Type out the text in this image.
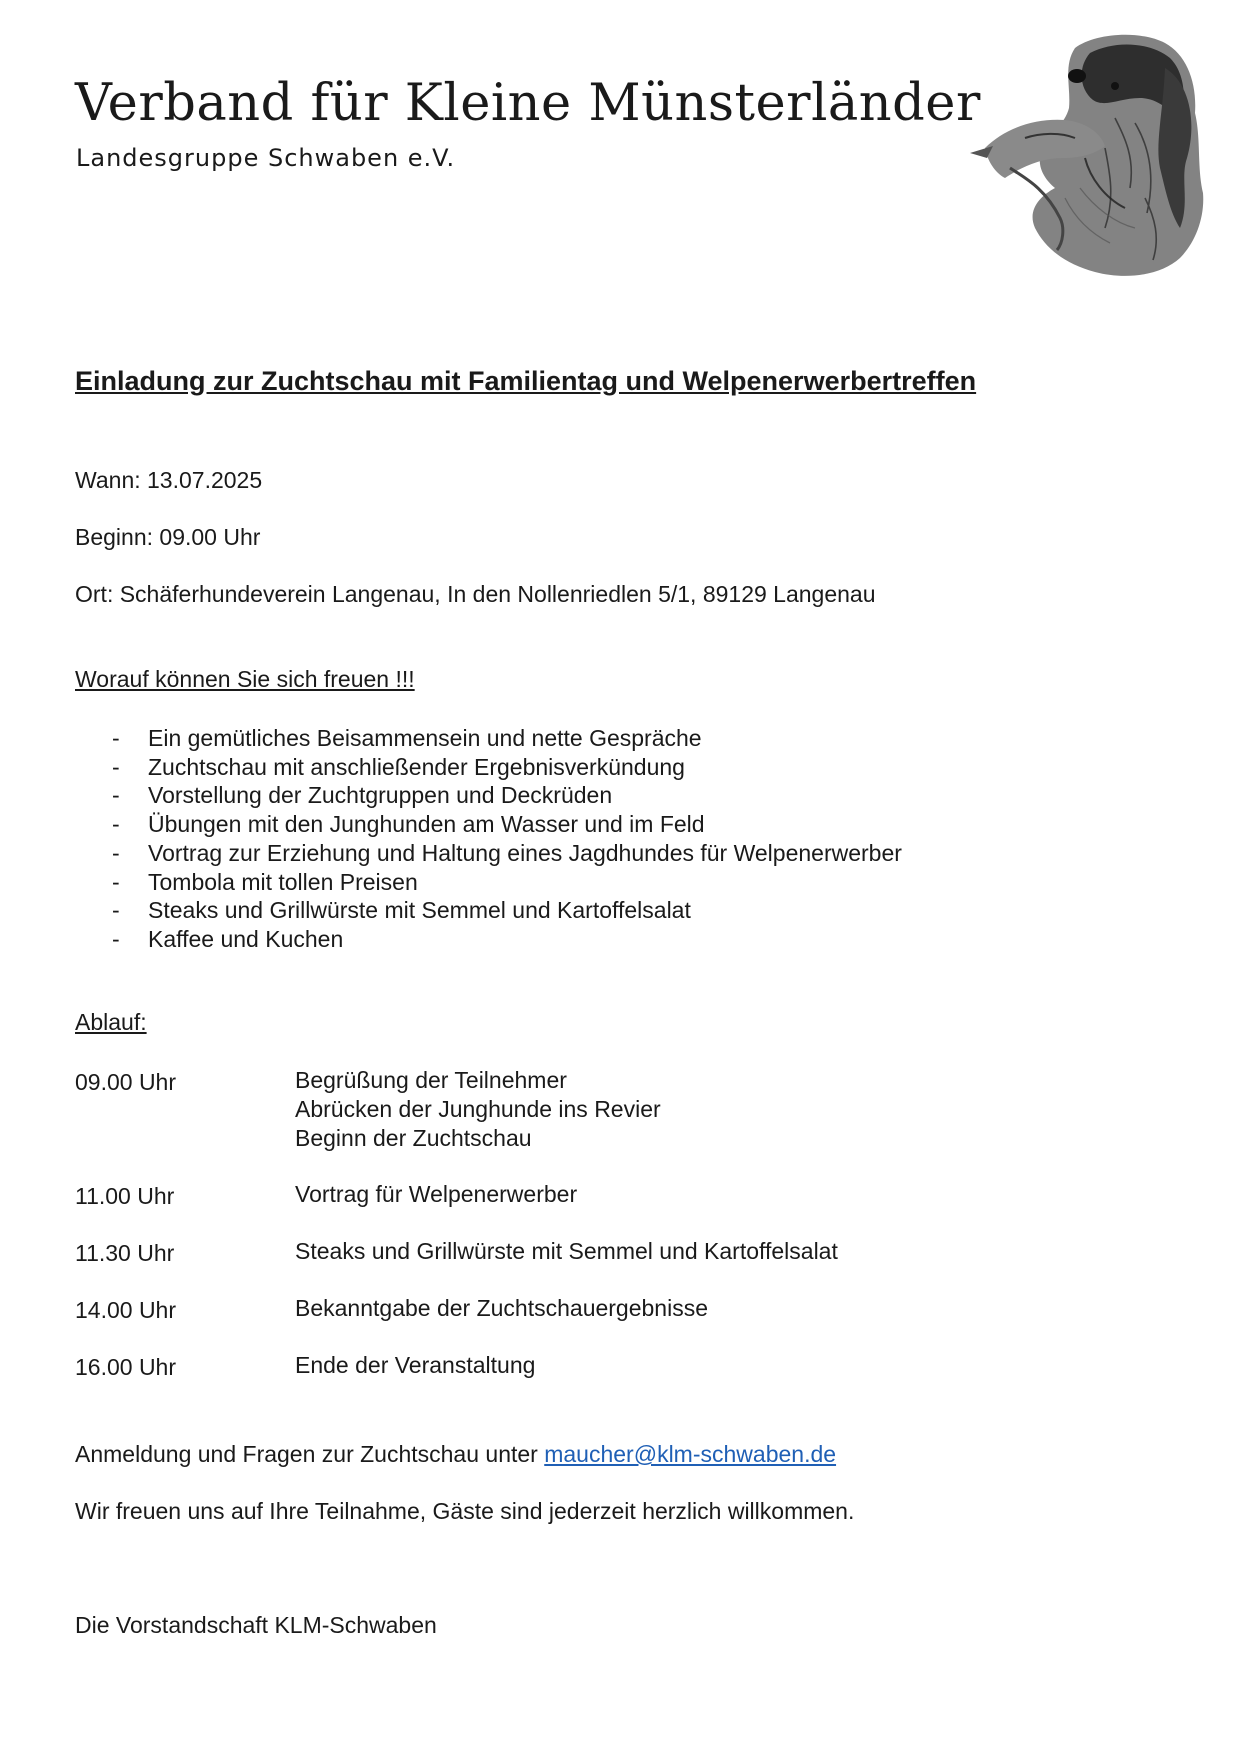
Verband für Kleine Münsterländer
Landesgruppe Schwaben e.V.
Einladung zur Zuchtschau mit Familientag und Welpenerwerbertreffen
Wann: 13.07.2025
Beginn: 09.00 Uhr
Ort: Schäferhundeverein Langenau, In den Nollenriedlen 5/1, 89129 Langenau
Worauf können Sie sich freuen !!!
- Ein gemütliches Beisammensein und nette Gespräche
- Zuchtschau mit anschließender Ergebnisverkündung
- Vorstellung der Zuchtgruppen und Deckrüden
- Übungen mit den Junghunden am Wasser und im Feld
- Vortrag zur Erziehung und Haltung eines Jagdhundes für Welpenerwerber
- Tombola mit tollen Preisen
- Steaks und Grillwürste mit Semmel und Kartoffelsalat
- Kaffee und Kuchen
Ablauf:
09.00 Uhr	Begrüßung der Teilnehmer
Abrücken der Junghunde ins Revier
Beginn der Zuchtschau
11.00 Uhr	Vortrag für Welpenerwerber
11.30 Uhr	Steaks und Grillwürste mit Semmel und Kartoffelsalat
14.00 Uhr	Bekanntgabe der Zuchtschauergebnisse
16.00 Uhr	Ende der Veranstaltung
Anmeldung und Fragen zur Zuchtschau unter maucher@klm-schwaben.de
Wir freuen uns auf Ihre Teilnahme, Gäste sind jederzeit herzlich willkommen.
Die Vorstandschaft KLM-Schwaben
